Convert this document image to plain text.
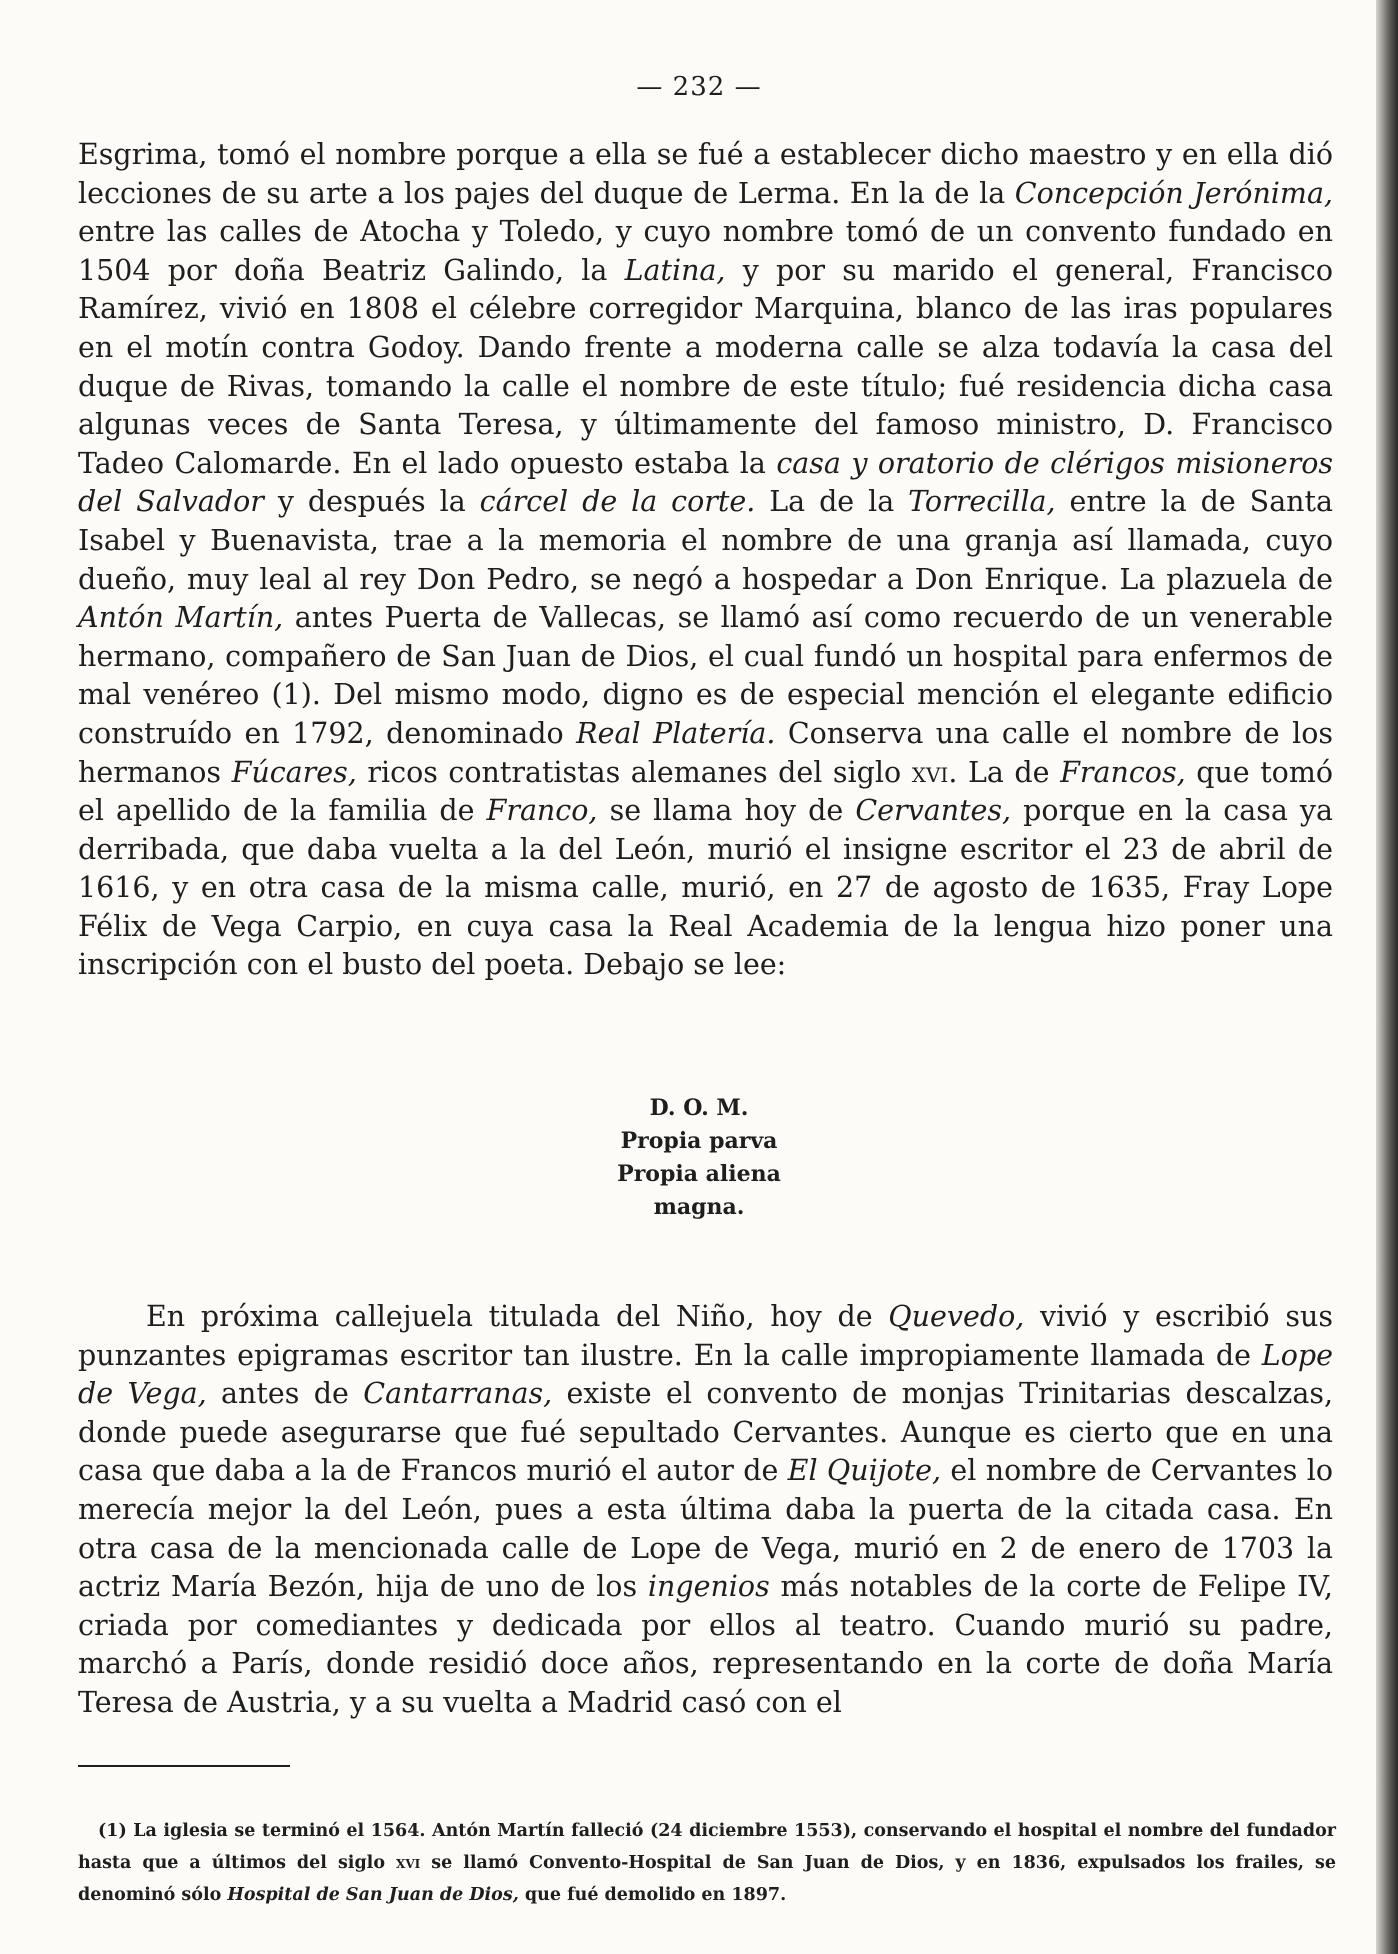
— 232 —

Esgrima, tomó el nombre porque a ella se fué a establecer dicho maestro y en ella dió lecciones de su arte a los pajes del duque de Lerma. En la de la Concepción Jerónima, entre las calles de Atocha y Toledo, y cuyo nombre tomó de un convento fundado en 1504 por doña Beatriz Galindo, la Latina, y por su marido el general, Francisco Ramírez, vivió en 1808 el célebre corregidor Marquina, blanco de las iras populares en el motín contra Godoy. Dando frente a moderna calle se alza todavía la casa del duque de Rivas, tomando la calle el nombre de este título; fué residencia dicha casa algunas veces de Santa Teresa, y últimamente del famoso ministro, D. Francisco Tadeo Calomarde. En el lado opuesto estaba la casa y oratorio de clérigos misioneros del Salvador y después la cárcel de la corte. La de la Torrecilla, entre la de Santa Isabel y Buenavista, trae a la memoria el nombre de una granja así llamada, cuyo dueño, muy leal al rey Don Pedro, se negó a hospedar a Don Enrique. La plazuela de Antón Martín, antes Puerta de Vallecas, se llamó así como recuerdo de un venerable hermano, compañero de San Juan de Dios, el cual fundó un hospital para enfermos de mal venéreo (1). Del mismo modo, digno es de especial mención el elegante edificio construído en 1792, denominado Real Platería. Conserva una calle el nombre de los hermanos Fúcares, ricos contratistas alemanes del siglo xvi. La de Francos, que tomó el apellido de la familia de Franco, se llama hoy de Cervantes, porque en la casa ya derribada, que daba vuelta a la del León, murió el insigne escritor el 23 de abril de 1616, y en otra casa de la misma calle, murió, en 27 de agosto de 1635, Fray Lope Félix de Vega Carpio, en cuya casa la Real Academia de la lengua hizo poner una inscripción con el busto del poeta. Debajo se lee:

D. O. M.
Propia parva
Propia aliena
magna.

En próxima callejuela titulada del Niño, hoy de Quevedo, vivió y escribió sus punzantes epigramas escritor tan ilustre. En la calle impropiamente llamada de Lope de Vega, antes de Cantarranas, existe el convento de monjas Trinitarias descalzas, donde puede asegurarse que fué sepultado Cervantes. Aunque es cierto que en una casa que daba a la de Francos murió el autor de El Quijote, el nombre de Cervantes lo merecía mejor la del León, pues a esta última daba la puerta de la citada casa. En otra casa de la mencionada calle de Lope de Vega, murió en 2 de enero de 1703 la actriz María Bezón, hija de uno de los ingenios más notables de la corte de Felipe IV, criada por comediantes y dedicada por ellos al teatro. Cuando murió su padre, marchó a París, donde residió doce años, representando en la corte de doña María Teresa de Austria, y a su vuelta a Madrid casó con el

(1) La iglesia se terminó el 1564. Antón Martín falleció (24 diciembre 1553), conservando el hospital el nombre del fundador hasta que a últimos del siglo xvi se llamó Convento-Hospital de San Juan de Dios, y en 1836, expulsados los frailes, se denominó sólo Hospital de San Juan de Dios, que fué demolido en 1897.
